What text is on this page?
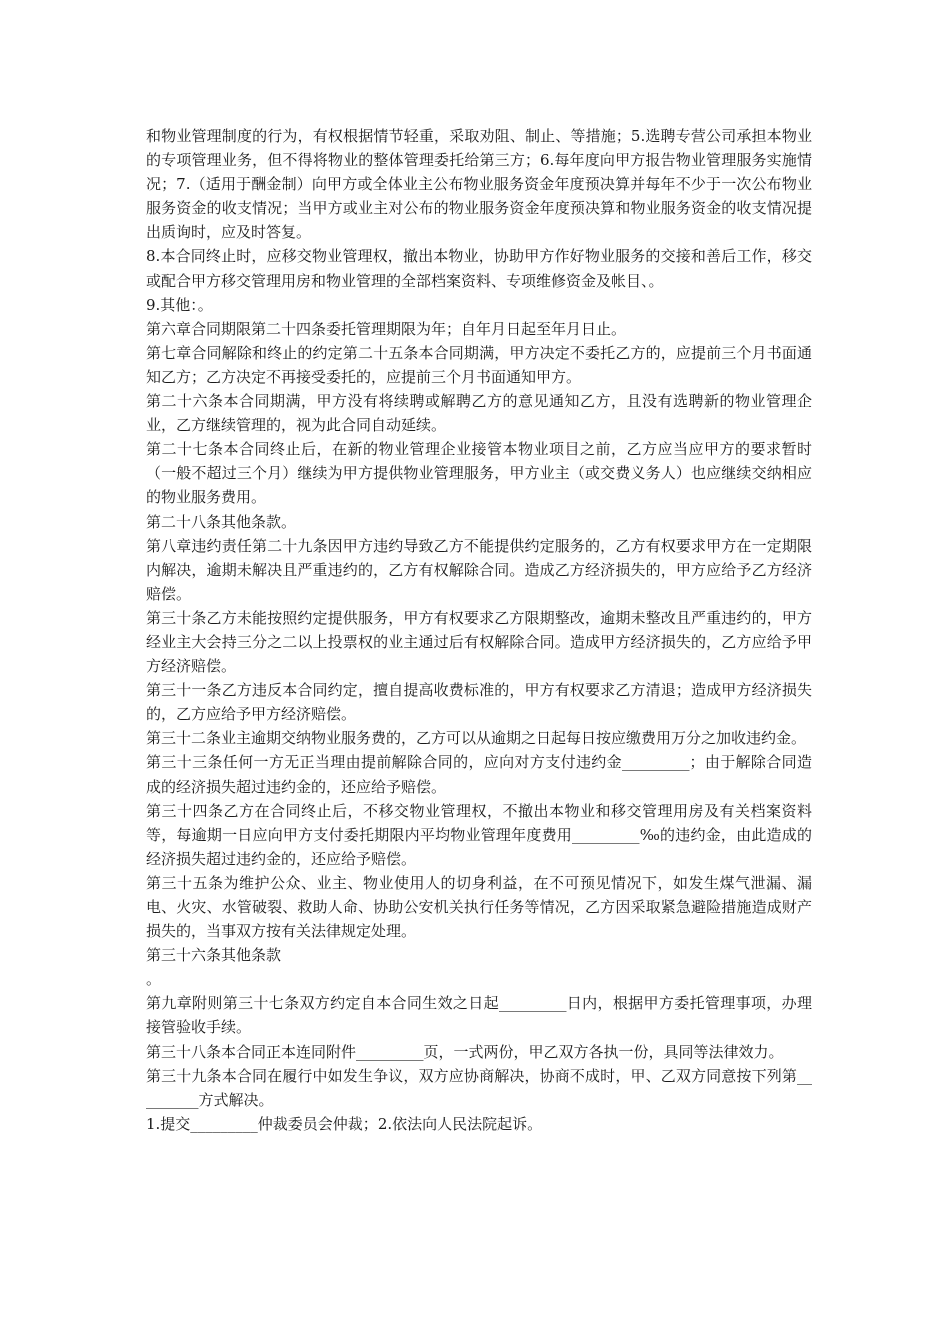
和物业管理制度的行为，有权根据情节轻重，采取劝阻、制止、等措施；5.选聘专营公司承担本物业的专项管理业务，但不得将物业的整体管理委托给第三方；6.每年度向甲方报告物业管理服务实施情况；7.（适用于酬金制）向甲方或全体业主公布物业服务资金年度预决算并每年不少于一次公布物业服务资金的收支情况；当甲方或业主对公布的物业服务资金年度预决算和物业服务资金的收支情况提出质询时，应及时答复。

8.本合同终止时，应移交物业管理权，撤出本物业，协助甲方作好物业服务的交接和善后工作，移交或配合甲方移交管理用房和物业管理的全部档案资料、专项维修资金及帐目、。

9.其他：。

第六章合同期限第二十四条委托管理期限为年；自年月日起至年月日止。

第七章合同解除和终止的约定第二十五条本合同期满，甲方决定不委托乙方的，应提前三个月书面通知乙方；乙方决定不再接受委托的，应提前三个月书面通知甲方。

第二十六条本合同期满，甲方没有将续聘或解聘乙方的意见通知乙方，且没有选聘新的物业管理企业，乙方继续管理的，视为此合同自动延续。

第二十七条本合同终止后，在新的物业管理企业接管本物业项目之前，乙方应当应甲方的要求暂时（一般不超过三个月）继续为甲方提供物业管理服务，甲方业主（或交费义务人）也应继续交纳相应的物业服务费用。

第二十八条其他条款。

第八章违约责任第二十九条因甲方违约导致乙方不能提供约定服务的，乙方有权要求甲方在一定期限内解决，逾期未解决且严重违约的，乙方有权解除合同。造成乙方经济损失的，甲方应给予乙方经济赔偿。

第三十条乙方未能按照约定提供服务，甲方有权要求乙方限期整改，逾期未整改且严重违约的，甲方经业主大会持三分之二以上投票权的业主通过后有权解除合同。造成甲方经济损失的，乙方应给予甲方经济赔偿。

第三十一条乙方违反本合同约定，擅自提高收费标准的，甲方有权要求乙方清退；造成甲方经济损失的，乙方应给予甲方经济赔偿。

第三十二条业主逾期交纳物业服务费的，乙方可以从逾期之日起每日按应缴费用万分之加收违约金。

第三十三条任何一方无正当理由提前解除合同的，应向对方支付违约金_________；由于解除合同造成的经济损失超过违约金的，还应给予赔偿。

第三十四条乙方在合同终止后，不移交物业管理权，不撤出本物业和移交管理用房及有关档案资料等，每逾期一日应向甲方支付委托期限内平均物业管理年度费用_________‰的违约金，由此造成的经济损失超过违约金的，还应给予赔偿。

第三十五条为维护公众、业主、物业使用人的切身利益，在不可预见情况下，如发生煤气泄漏、漏电、火灾、水管破裂、救助人命、协助公安机关执行任务等情况，乙方因采取紧急避险措施造成财产损失的，当事双方按有关法律规定处理。

第三十六条其他条款

。

第九章附则第三十七条双方约定自本合同生效之日起_________日内，根据甲方委托管理事项，办理接管验收手续。

第三十八条本合同正本连同附件_________页，一式两份，甲乙双方各执一份，具同等法律效力。

第三十九条本合同在履行中如发生争议，双方应协商解决，协商不成时，甲、乙双方同意按下列第_________方式解决。

1.提交_________仲裁委员会仲裁；2.依法向人民法院起诉。
